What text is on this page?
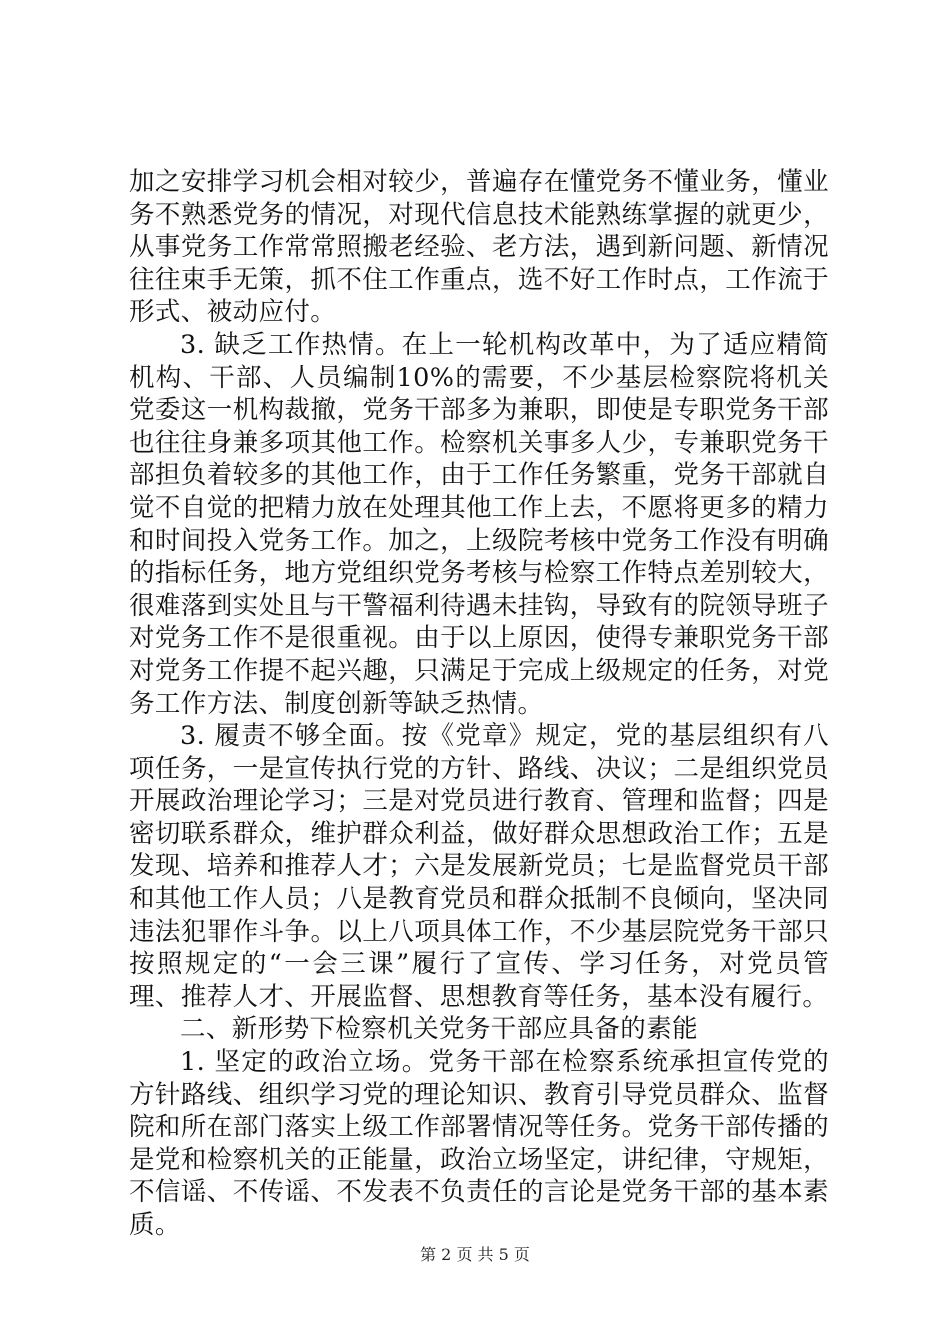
加之安排学习机会相对较少，普遍存在懂党务不懂业务，懂业务不熟悉党务的情况，对现代信息技术能熟练掌握的就更少，从事党务工作常常照搬老经验、老方法，遇到新问题、新情况往往束手无策，抓不住工作重点，选不好工作时点，工作流于形式、被动应付。

3. 缺乏工作热情。在上一轮机构改革中，为了适应精简机构、干部、人员编制10%的需要，不少基层检察院将机关党委这一机构裁撤，党务干部多为兼职，即使是专职党务干部也往往身兼多项其他工作。检察机关事多人少，专兼职党务干部担负着较多的其他工作，由于工作任务繁重，党务干部就自觉不自觉的把精力放在处理其他工作上去，不愿将更多的精力和时间投入党务工作。加之，上级院考核中党务工作没有明确的指标任务，地方党组织党务考核与检察工作特点差别较大，很难落到实处且与干警福利待遇未挂钩，导致有的院领导班子对党务工作不是很重视。由于以上原因，使得专兼职党务干部对党务工作提不起兴趣，只满足于完成上级规定的任务，对党务工作方法、制度创新等缺乏热情。

3. 履责不够全面。按《党章》规定，党的基层组织有八项任务，一是宣传执行党的方针、路线、决议；二是组织党员开展政治理论学习；三是对党员进行教育、管理和监督；四是密切联系群众，维护群众利益，做好群众思想政治工作；五是发现、培养和推荐人才；六是发展新党员；七是监督党员干部和其他工作人员；八是教育党员和群众抵制不良倾向，坚决同违法犯罪作斗争。以上八项具体工作，不少基层院党务干部只按照规定的“一会三课”履行了宣传、学习任务，对党员管理、推荐人才、开展监督、思想教育等任务，基本没有履行。

二、新形势下检察机关党务干部应具备的素能

1. 坚定的政治立场。党务干部在检察系统承担宣传党的方针路线、组织学习党的理论知识、教育引导党员群众、监督院和所在部门落实上级工作部署情况等任务。党务干部传播的是党和检察机关的正能量，政治立场坚定，讲纪律，守规矩，不信谣、不传谣、不发表不负责任的言论是党务干部的基本素质。

第 2 页 共 5 页
